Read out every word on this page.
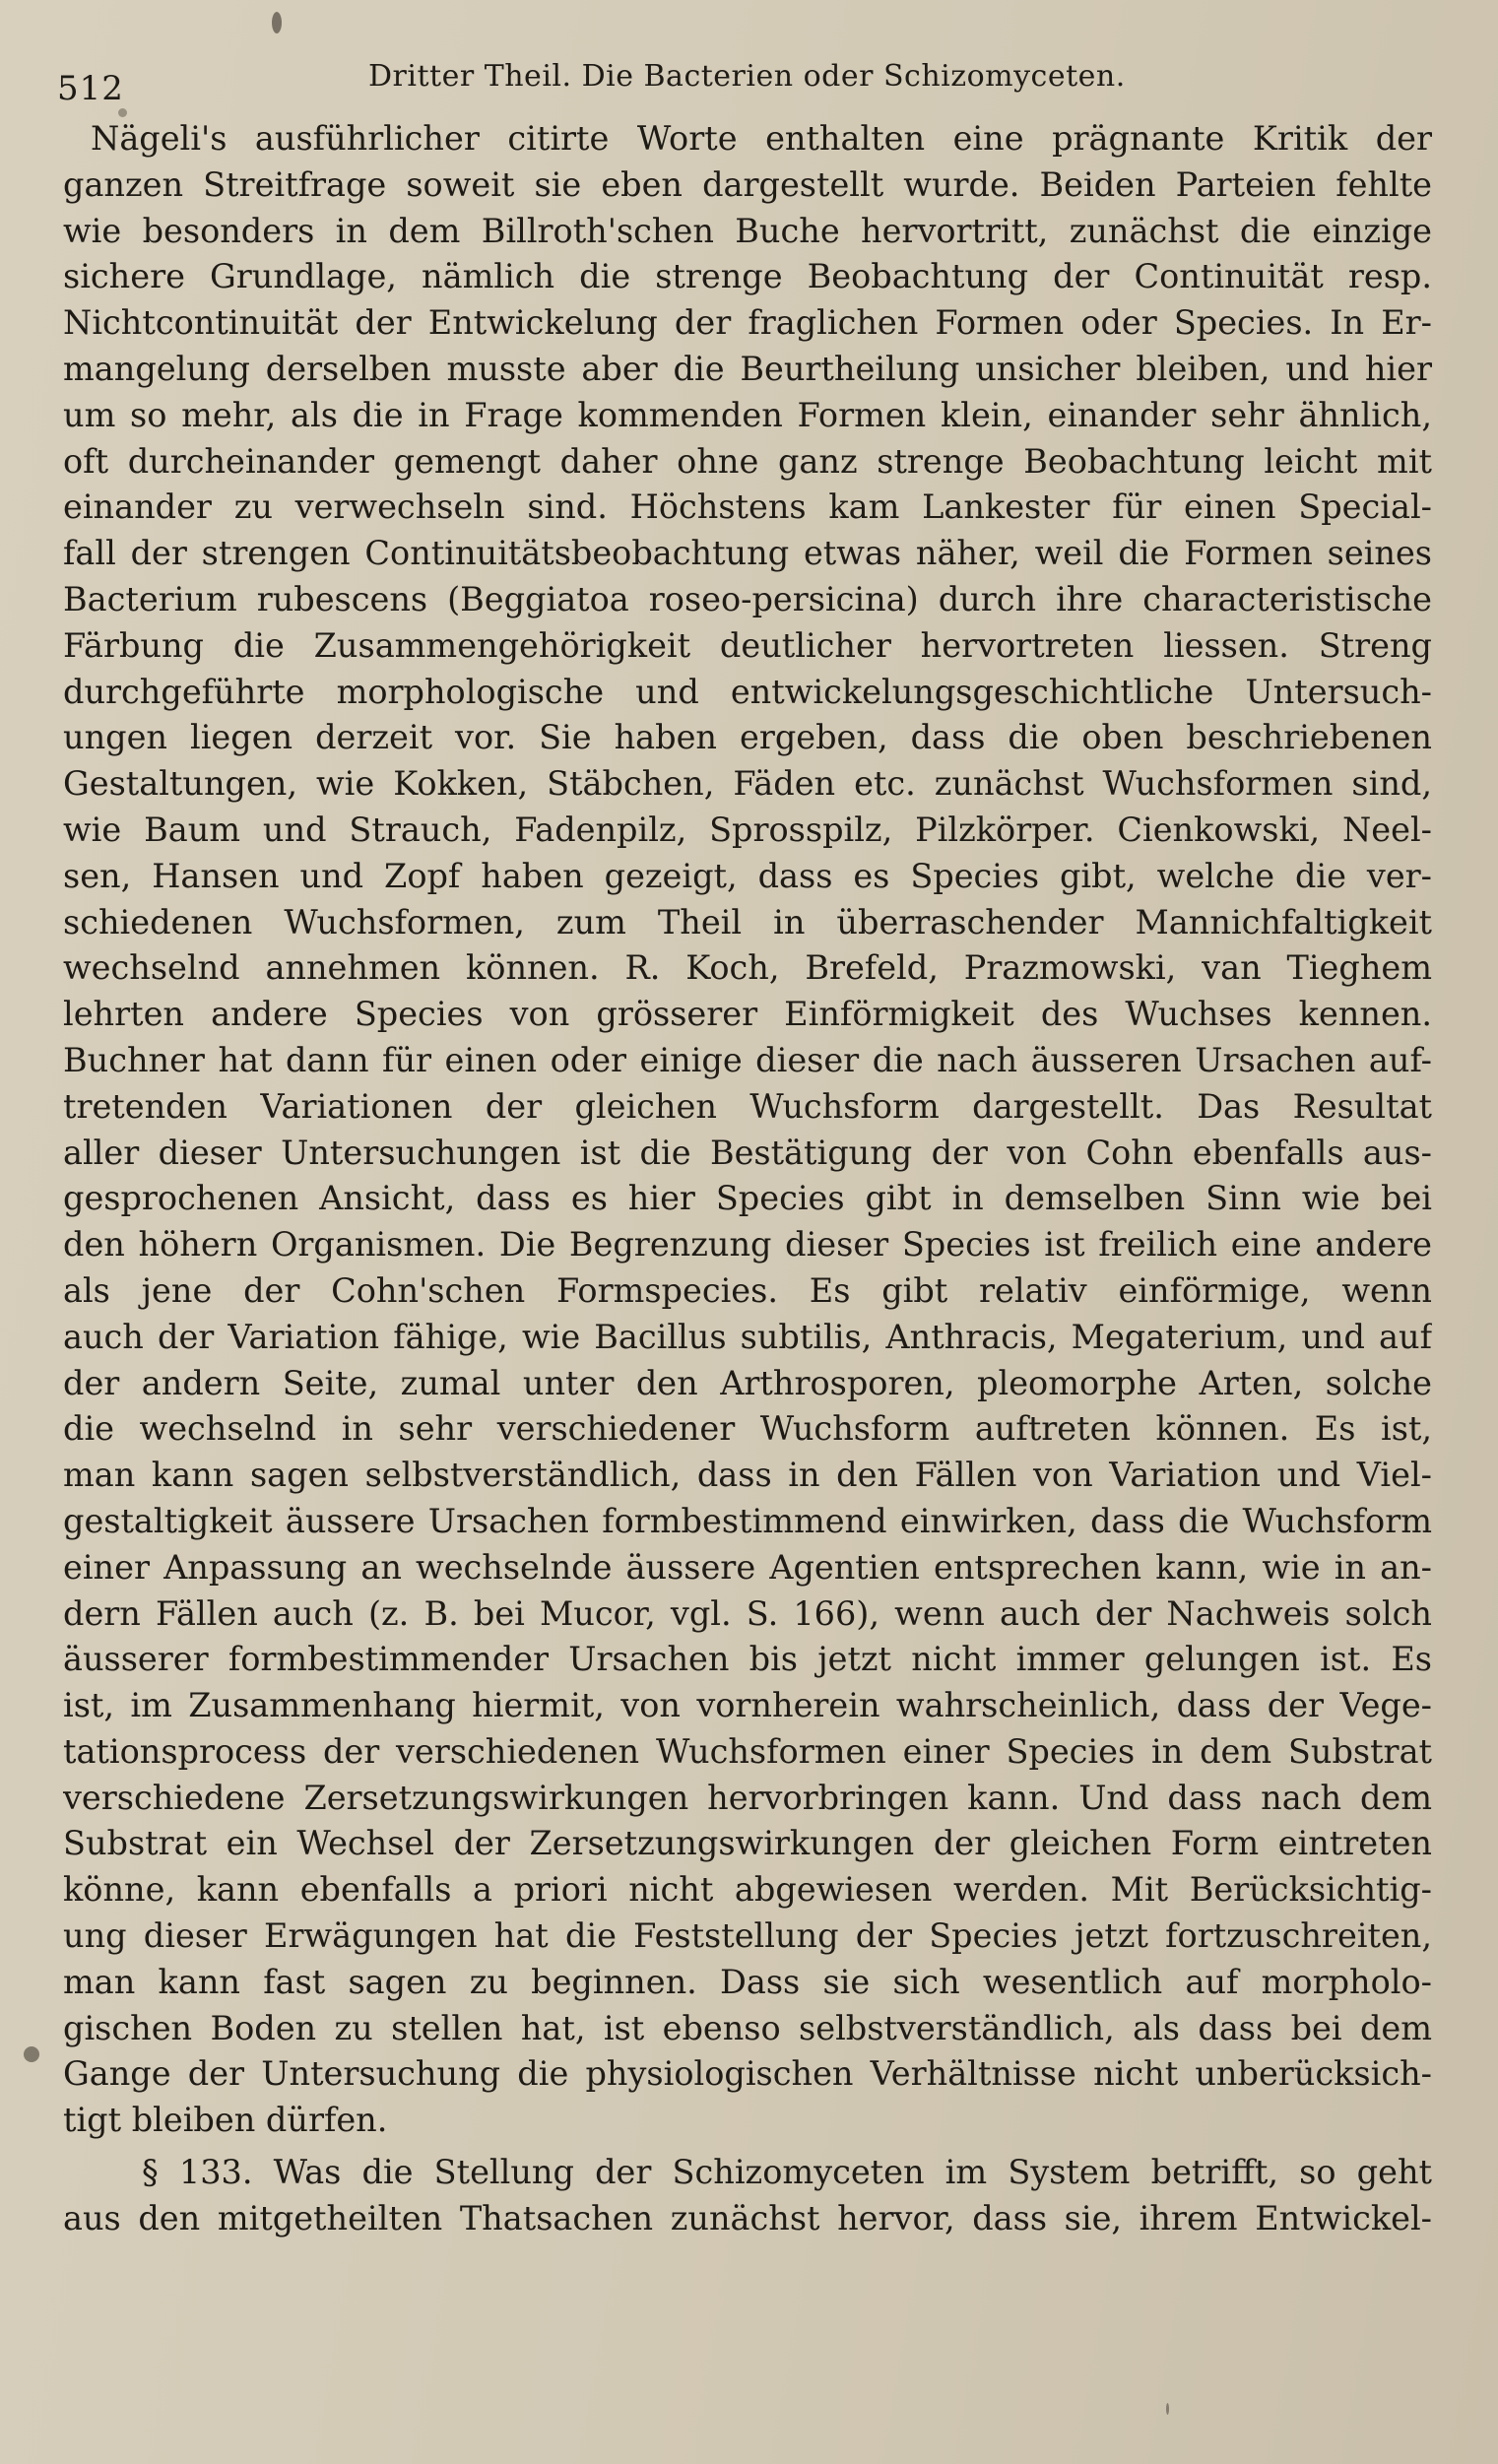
512	Dritter Theil. Die Bacterien oder Schizomyceten.
Nägeli's ausführlicher citirte Worte enthalten eine prägnante Kritik der
ganzen Streitfrage soweit sie eben dargestellt wurde. Beiden Parteien fehlte
wie besonders in dem Billroth'schen Buche hervortritt, zunächst die einzige
sichere Grundlage, nämlich die strenge Beobachtung der Continuität resp.
Nichtcontinuität der Entwickelung der fraglichen Formen oder Species. In Er-
mangelung derselben musste aber die Beurtheilung unsicher bleiben, und hier
um so mehr, als die in Frage kommenden Formen klein, einander sehr ähnlich,
oft durcheinander gemengt daher ohne ganz strenge Beobachtung leicht mit
einander zu verwechseln sind. Höchstens kam Lankester für einen Special-
fall der strengen Continuitätsbeobachtung etwas näher, weil die Formen seines
Bacterium rubescens (Beggiatoa roseo-persicina) durch ihre characteristische
Färbung die Zusammengehörigkeit deutlicher hervortreten liessen. Streng
durchgeführte morphologische und entwickelungsgeschichtliche Untersuch-
ungen liegen derzeit vor. Sie haben ergeben, dass die oben beschriebenen
Gestaltungen, wie Kokken, Stäbchen, Fäden etc. zunächst Wuchsformen sind,
wie Baum und Strauch, Fadenpilz, Sprosspilz, Pilzkörper. Cienkowski, Neel-
sen, Hansen und Zopf haben gezeigt, dass es Species gibt, welche die ver-
schiedenen Wuchsformen, zum Theil in überraschender Mannichfaltigkeit
wechselnd annehmen können. R. Koch, Brefeld, Prazmowski, van Tieghem
lehrten andere Species von grösserer Einförmigkeit des Wuchses kennen.
Buchner hat dann für einen oder einige dieser die nach äusseren Ursachen auf-
tretenden Variationen der gleichen Wuchsform dargestellt. Das Resultat
aller dieser Untersuchungen ist die Bestätigung der von Cohn ebenfalls aus-
gesprochenen Ansicht, dass es hier Species gibt in demselben Sinn wie bei
den höhern Organismen. Die Begrenzung dieser Species ist freilich eine andere
als jene der Cohn'schen Formspecies. Es gibt relativ einförmige, wenn
auch der Variation fähige, wie Bacillus subtilis, Anthracis, Megaterium, und auf
der andern Seite, zumal unter den Arthrosporen, pleomorphe Arten, solche
die wechselnd in sehr verschiedener Wuchsform auftreten können. Es ist,
man kann sagen selbstverständlich, dass in den Fällen von Variation und Viel-
gestaltigkeit äussere Ursachen formbestimmend einwirken, dass die Wuchsform
einer Anpassung an wechselnde äussere Agentien entsprechen kann, wie in an-
dern Fällen auch (z. B. bei Mucor, vgl. S. 166), wenn auch der Nachweis solch
äusserer formbestimmender Ursachen bis jetzt nicht immer gelungen ist. Es
ist, im Zusammenhang hiermit, von vornherein wahrscheinlich, dass der Vege-
tationsprocess der verschiedenen Wuchsformen einer Species in dem Substrat
verschiedene Zersetzungswirkungen hervorbringen kann. Und dass nach dem
Substrat ein Wechsel der Zersetzungswirkungen der gleichen Form eintreten
könne, kann ebenfalls a priori nicht abgewiesen werden. Mit Berücksichtig-
ung dieser Erwägungen hat die Feststellung der Species jetzt fortzuschreiten,
man kann fast sagen zu beginnen. Dass sie sich wesentlich auf morpholo-
gischen Boden zu stellen hat, ist ebenso selbstverständlich, als dass bei dem
Gange der Untersuchung die physiologischen Verhältnisse nicht unberücksich-
tigt bleiben dürfen.
§ 133. Was die Stellung der Schizomyceten im System betrifft, so geht
aus den mitgetheilten Thatsachen zunächst hervor, dass sie, ihrem Entwickel-
